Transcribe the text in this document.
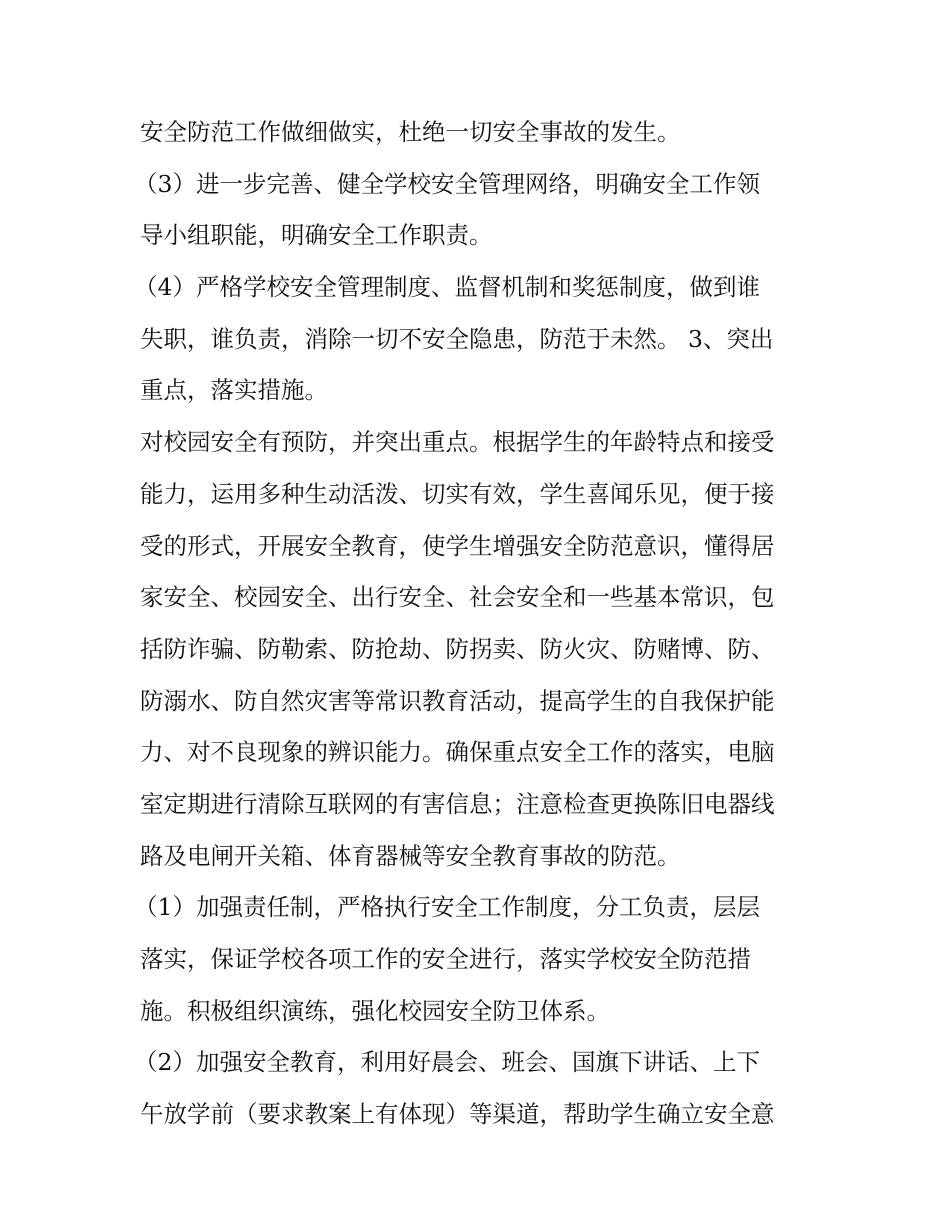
安全防范工作做细做实，杜绝一切安全事故的发生。
（3）进一步完善、健全学校安全管理网络，明确安全工作领
导小组职能，明确安全工作职责。
（4）严格学校安全管理制度、监督机制和奖惩制度，做到谁
失职，谁负责，消除一切不安全隐患，防范于未然。 3、突出
重点，落实措施。
对校园安全有预防，并突出重点。根据学生的年龄特点和接受
能力，运用多种生动活泼、切实有效，学生喜闻乐见，便于接
受的形式，开展安全教育，使学生增强安全防范意识，懂得居
家安全、校园安全、出行安全、社会安全和一些基本常识，包
括防诈骗、防勒索、防抢劫、防拐卖、防火灾、防赌博、防、
防溺水、防自然灾害等常识教育活动，提高学生的自我保护能
力、对不良现象的辨识能力。确保重点安全工作的落实，电脑
室定期进行清除互联网的有害信息；注意检查更换陈旧电器线
路及电闸开关箱、体育器械等安全教育事故的防范。
（1）加强责任制，严格执行安全工作制度，分工负责，层层
落实，保证学校各项工作的安全进行，落实学校安全防范措
施。积极组织演练，强化校园安全防卫体系。
（2）加强安全教育，利用好晨会、班会、国旗下讲话、上下
午放学前（要求教案上有体现）等渠道，帮助学生确立安全意
